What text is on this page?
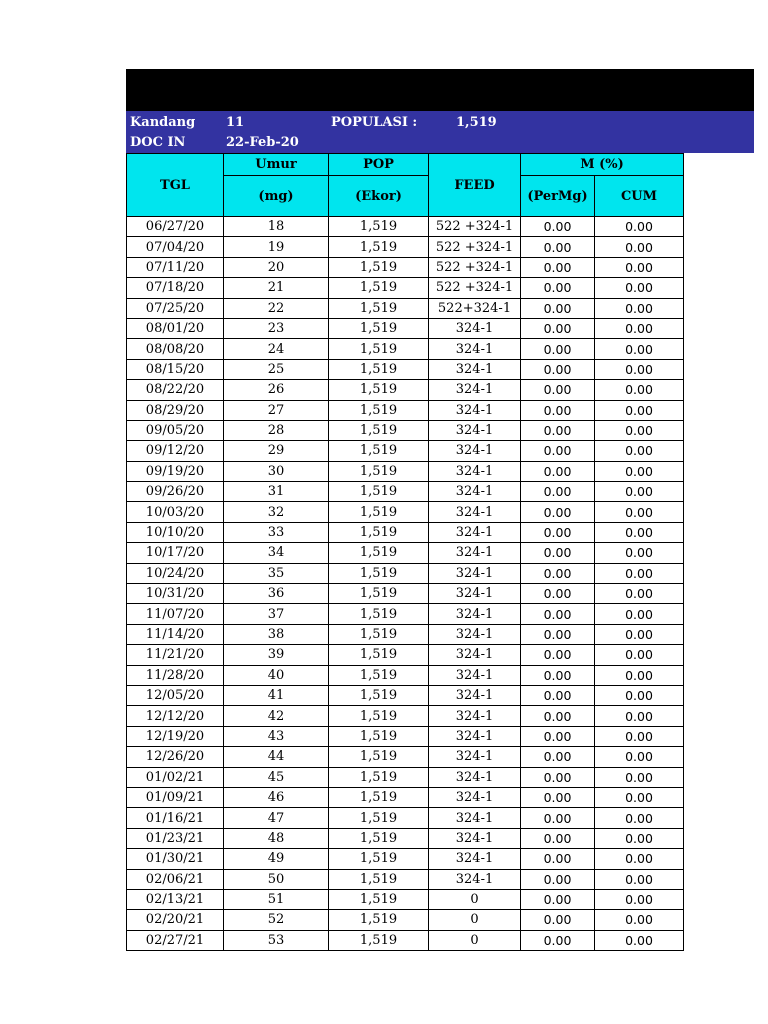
Kandang 11	POPULASI :	1,519
DOC IN	22-Feb-20
TGL	Umur	POP	FEED	M (%)	
	(mg)	(Ekor)		(PerMg)	CUM
06/27/20	18	1,519	522 +324-1	0.00	0.00
07/04/20	19	1,519	522 +324-1	0.00	0.00
07/11/20	20	1,519	522 +324-1	0.00	0.00
07/18/20	21	1,519	522 +324-1	0.00	0.00
07/25/20	22	1,519	522+324-1	0.00	0.00
08/01/20	23	1,519	324-1	0.00	0.00
08/08/20	24	1,519	324-1	0.00	0.00
08/15/20	25	1,519	324-1	0.00	0.00
08/22/20	26	1,519	324-1	0.00	0.00
08/29/20	27	1,519	324-1	0.00	0.00
09/05/20	28	1,519	324-1	0.00	0.00
09/12/20	29	1,519	324-1	0.00	0.00
09/19/20	30	1,519	324-1	0.00	0.00
09/26/20	31	1,519	324-1	0.00	0.00
10/03/20	32	1,519	324-1	0.00	0.00
10/10/20	33	1,519	324-1	0.00	0.00
10/17/20	34	1,519	324-1	0.00	0.00
10/24/20	35	1,519	324-1	0.00	0.00
10/31/20	36	1,519	324-1	0.00	0.00
11/07/20	37	1,519	324-1	0.00	0.00
11/14/20	38	1,519	324-1	0.00	0.00
11/21/20	39	1,519	324-1	0.00	0.00
11/28/20	40	1,519	324-1	0.00	0.00
12/05/20	41	1,519	324-1	0.00	0.00
12/12/20	42	1,519	324-1	0.00	0.00
12/19/20	43	1,519	324-1	0.00	0.00
12/26/20	44	1,519	324-1	0.00	0.00
01/02/21	45	1,519	324-1	0.00	0.00
01/09/21	46	1,519	324-1	0.00	0.00
01/16/21	47	1,519	324-1	0.00	0.00
01/23/21	48	1,519	324-1	0.00	0.00
01/30/21	49	1,519	324-1	0.00	0.00
02/06/21	50	1,519	324-1	0.00	0.00
02/13/21	51	1,519	0	0.00	0.00
02/20/21	52	1,519	0	0.00	0.00
02/27/21	53	1,519	0	0.00	0.00
